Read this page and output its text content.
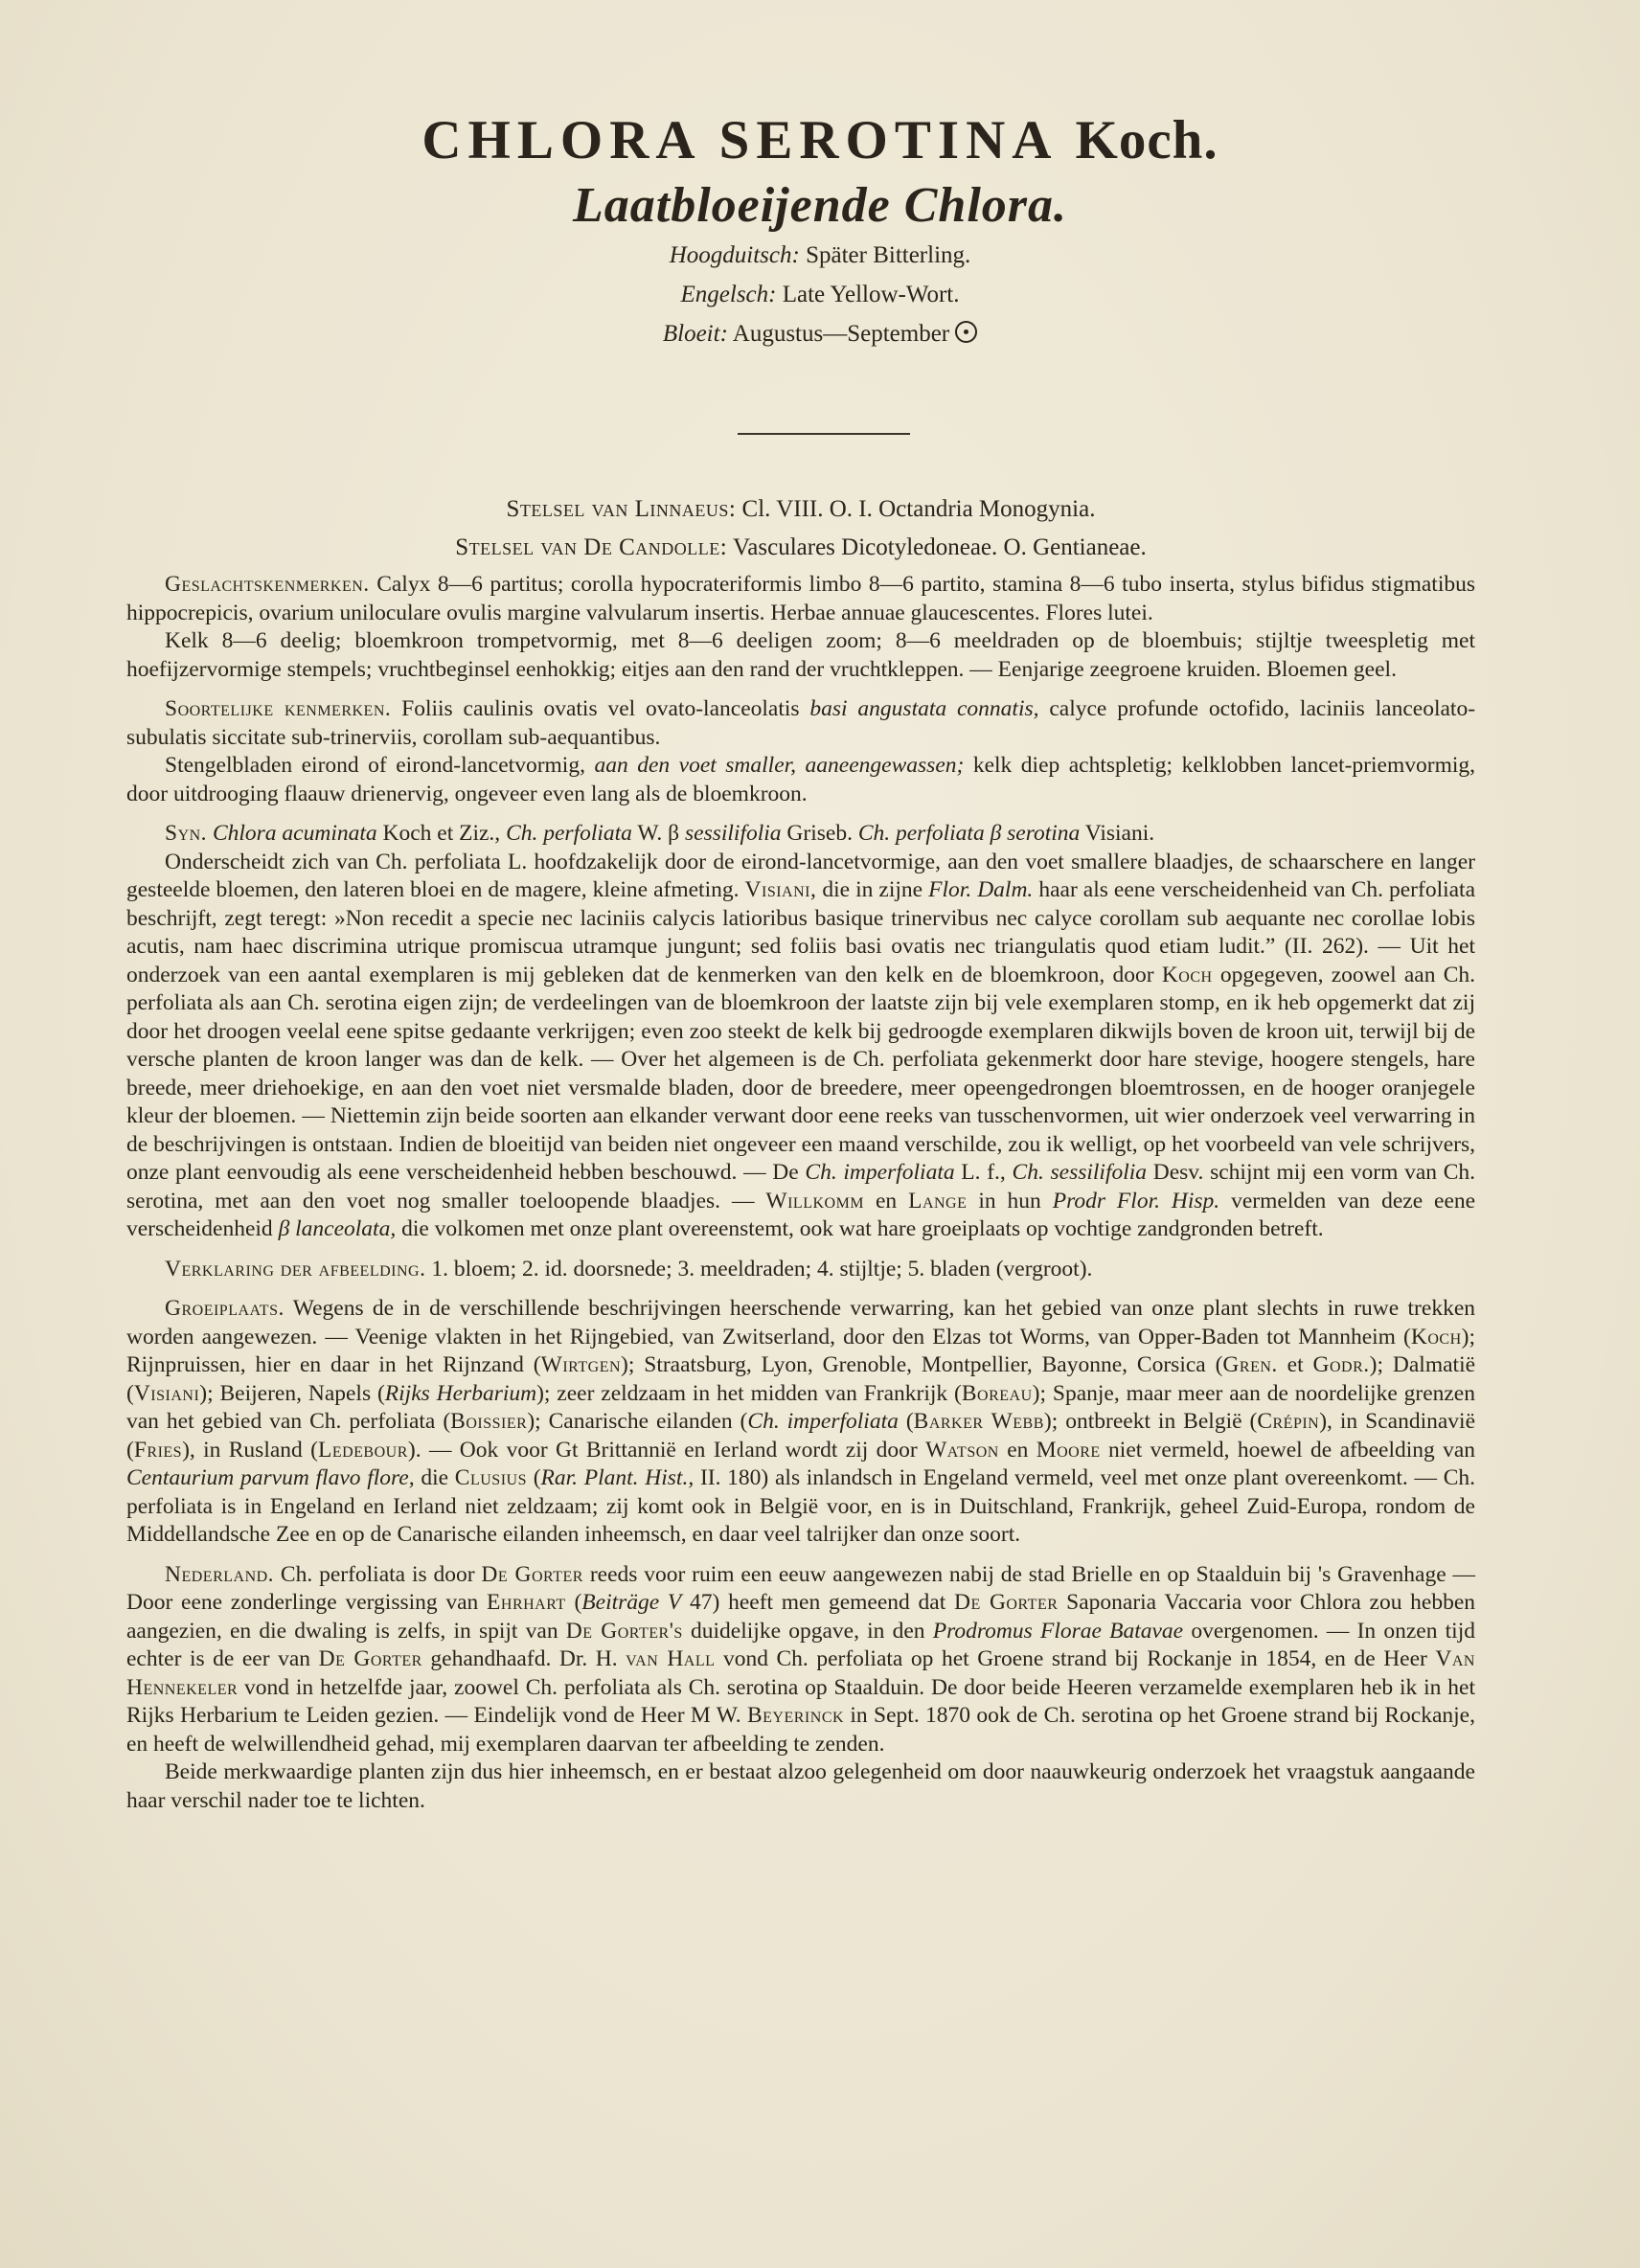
CHLORA SEROTINA Koch.

Laatbloeijende Chlora.

Hoogduitsch: Später Bitterling.

Engelsch: Late Yellow-Wort.

Bloeit: Augustus—September

Stelsel van Linnaeus: Cl. VIII. O. I. Octandria Monogynia.

Stelsel van De Candolle: Vasculares Dicotyledoneae. O. Gentianeae.

Geslachtskenmerken. Calyx 8—6 partitus; corolla hypocrateriformis limbo 8—6 partito, stamina 8—6 tubo inserta, stylus bifidus stigmatibus hippocrepicis, ovarium uniloculare ovulis margine valvularum insertis. Herbae annuae glaucescentes. Flores lutei.

Kelk 8—6 deelig; bloemkroon trompetvormig, met 8—6 deeligen zoom; 8—6 meeldraden op de bloembuis; stijltje tweespletig met hoefijzervormige stempels; vruchtbeginsel eenhokkig; eitjes aan den rand der vruchtkleppen. — Eenjarige zeegroene kruiden. Bloemen geel.

Soortelijke kenmerken. Foliis caulinis ovatis vel ovato-lanceolatis basi angustata connatis, calyce profunde octofido, laciniis lanceolato-subulatis siccitate sub-trinerviis, corollam sub-aequantibus.

Stengelbladen eirond of eirond-lancetvormig, aan den voet smaller, aaneengewassen; kelk diep achtspletig; kelklobben lancet-priemvormig, door uitdrooging flaauw drienervig, ongeveer even lang als de bloemkroon.

Syn. Chlora acuminata Koch et Ziz., Ch. perfoliata W. β sessilifolia Griseb. Ch. perfoliata β serotina Visiani.

Onderscheidt zich van Ch. perfoliata L. hoofdzakelijk door de eirond-lancetvormige, aan den voet smallere blaadjes, de schaarschere en langer gesteelde bloemen, den lateren bloei en de magere, kleine afmeting. Visiani, die in zijne Flor. Dalm. haar als eene verscheidenheid van Ch. perfoliata beschrijft, zegt teregt: »Non recedit a specie nec laciniis calycis latioribus basique trinervibus nec calyce corollam sub aequante nec corollae lobis acutis, nam haec discrimina utrique promiscua utramque jungunt; sed foliis basi ovatis nec triangulatis quod etiam ludit.” (II. 262). — Uit het onderzoek van een aantal exemplaren is mij gebleken dat de kenmerken van den kelk en de bloemkroon, door Koch opgegeven, zoowel aan Ch. perfoliata als aan Ch. serotina eigen zijn; de verdeelingen van de bloemkroon der laatste zijn bij vele exemplaren stomp, en ik heb opgemerkt dat zij door het droogen veelal eene spitse gedaante verkrijgen; even zoo steekt de kelk bij gedroogde exemplaren dikwijls boven de kroon uit, terwijl bij de versche planten de kroon langer was dan de kelk. — Over het algemeen is de Ch. perfoliata gekenmerkt door hare stevige, hoogere stengels, hare breede, meer driehoekige, en aan den voet niet versmalde bladen, door de breedere, meer opeengedrongen bloemtrossen, en de hooger oranjegele kleur der bloemen. — Niettemin zijn beide soorten aan elkander verwant door eene reeks van tusschenvormen, uit wier onderzoek veel verwarring in de beschrijvingen is ontstaan. Indien de bloeitijd van beiden niet ongeveer een maand verschilde, zou ik welligt, op het voorbeeld van vele schrijvers, onze plant eenvoudig als eene verscheidenheid hebben beschouwd. — De Ch. imperfoliata L. f., Ch. sessilifolia Desv. schijnt mij een vorm van Ch. serotina, met aan den voet nog smaller toeloopende blaadjes. — Willkomm en Lange in hun Prodr Flor. Hisp. vermelden van deze eene verscheidenheid β lanceolata, die volkomen met onze plant overeenstemt, ook wat hare groeiplaats op vochtige zandgronden betreft.

Verklaring der afbeelding. 1. bloem; 2. id. doorsnede; 3. meeldraden; 4. stijltje; 5. bladen (vergroot).

Groeiplaats. Wegens de in de verschillende beschrijvingen heerschende verwarring, kan het gebied van onze plant slechts in ruwe trekken worden aangewezen. — Veenige vlakten in het Rijngebied, van Zwitserland, door den Elzas tot Worms, van Opper-Baden tot Mannheim (Koch); Rijnpruissen, hier en daar in het Rijnzand (Wirtgen); Straatsburg, Lyon, Grenoble, Montpellier, Bayonne, Corsica (Gren. et Godr.); Dalmatië (Visiani); Beijeren, Napels (Rijks Herbarium); zeer zeldzaam in het midden van Frankrijk (Boreau); Spanje, maar meer aan de noordelijke grenzen van het gebied van Ch. perfoliata (Boissier); Canarische eilanden (Ch. imperfoliata (Barker Webb); ontbreekt in België (Crépin), in Scandinavië (Fries), in Rusland (Ledebour). — Ook voor Gt Brittannië en Ierland wordt zij door Watson en Moore niet vermeld, hoewel de afbeelding van Centaurium parvum flavo flore, die Clusius (Rar. Plant. Hist., II. 180) als inlandsch in Engeland vermeld, veel met onze plant overeenkomt. — Ch. perfoliata is in Engeland en Ierland niet zeldzaam; zij komt ook in België voor, en is in Duitschland, Frankrijk, geheel Zuid-Europa, rondom de Middellandsche Zee en op de Canarische eilanden inheemsch, en daar veel talrijker dan onze soort.

Nederland. Ch. perfoliata is door De Gorter reeds voor ruim een eeuw aangewezen nabij de stad Brielle en op Staalduin bij 's Gravenhage — Door eene zonderlinge vergissing van Ehrhart (Beiträge V 47) heeft men gemeend dat De Gorter Saponaria Vaccaria voor Chlora zou hebben aangezien, en die dwaling is zelfs, in spijt van De Gorter's duidelijke opgave, in den Prodromus Florae Batavae overgenomen. — In onzen tijd echter is de eer van De Gorter gehandhaafd. Dr. H. van Hall vond Ch. perfoliata op het Groene strand bij Rockanje in 1854, en de Heer Van Hennekeler vond in hetzelfde jaar, zoowel Ch. perfoliata als Ch. serotina op Staalduin. De door beide Heeren verzamelde exemplaren heb ik in het Rijks Herbarium te Leiden gezien. — Eindelijk vond de Heer M W. Beyerinck in Sept. 1870 ook de Ch. serotina op het Groene strand bij Rockanje, en heeft de welwillendheid gehad, mij exemplaren daarvan ter afbeelding te zenden.

Beide merkwaardige planten zijn dus hier inheemsch, en er bestaat alzoo gelegenheid om door naauwkeurig onderzoek het vraagstuk aangaande haar verschil nader toe te lichten.
